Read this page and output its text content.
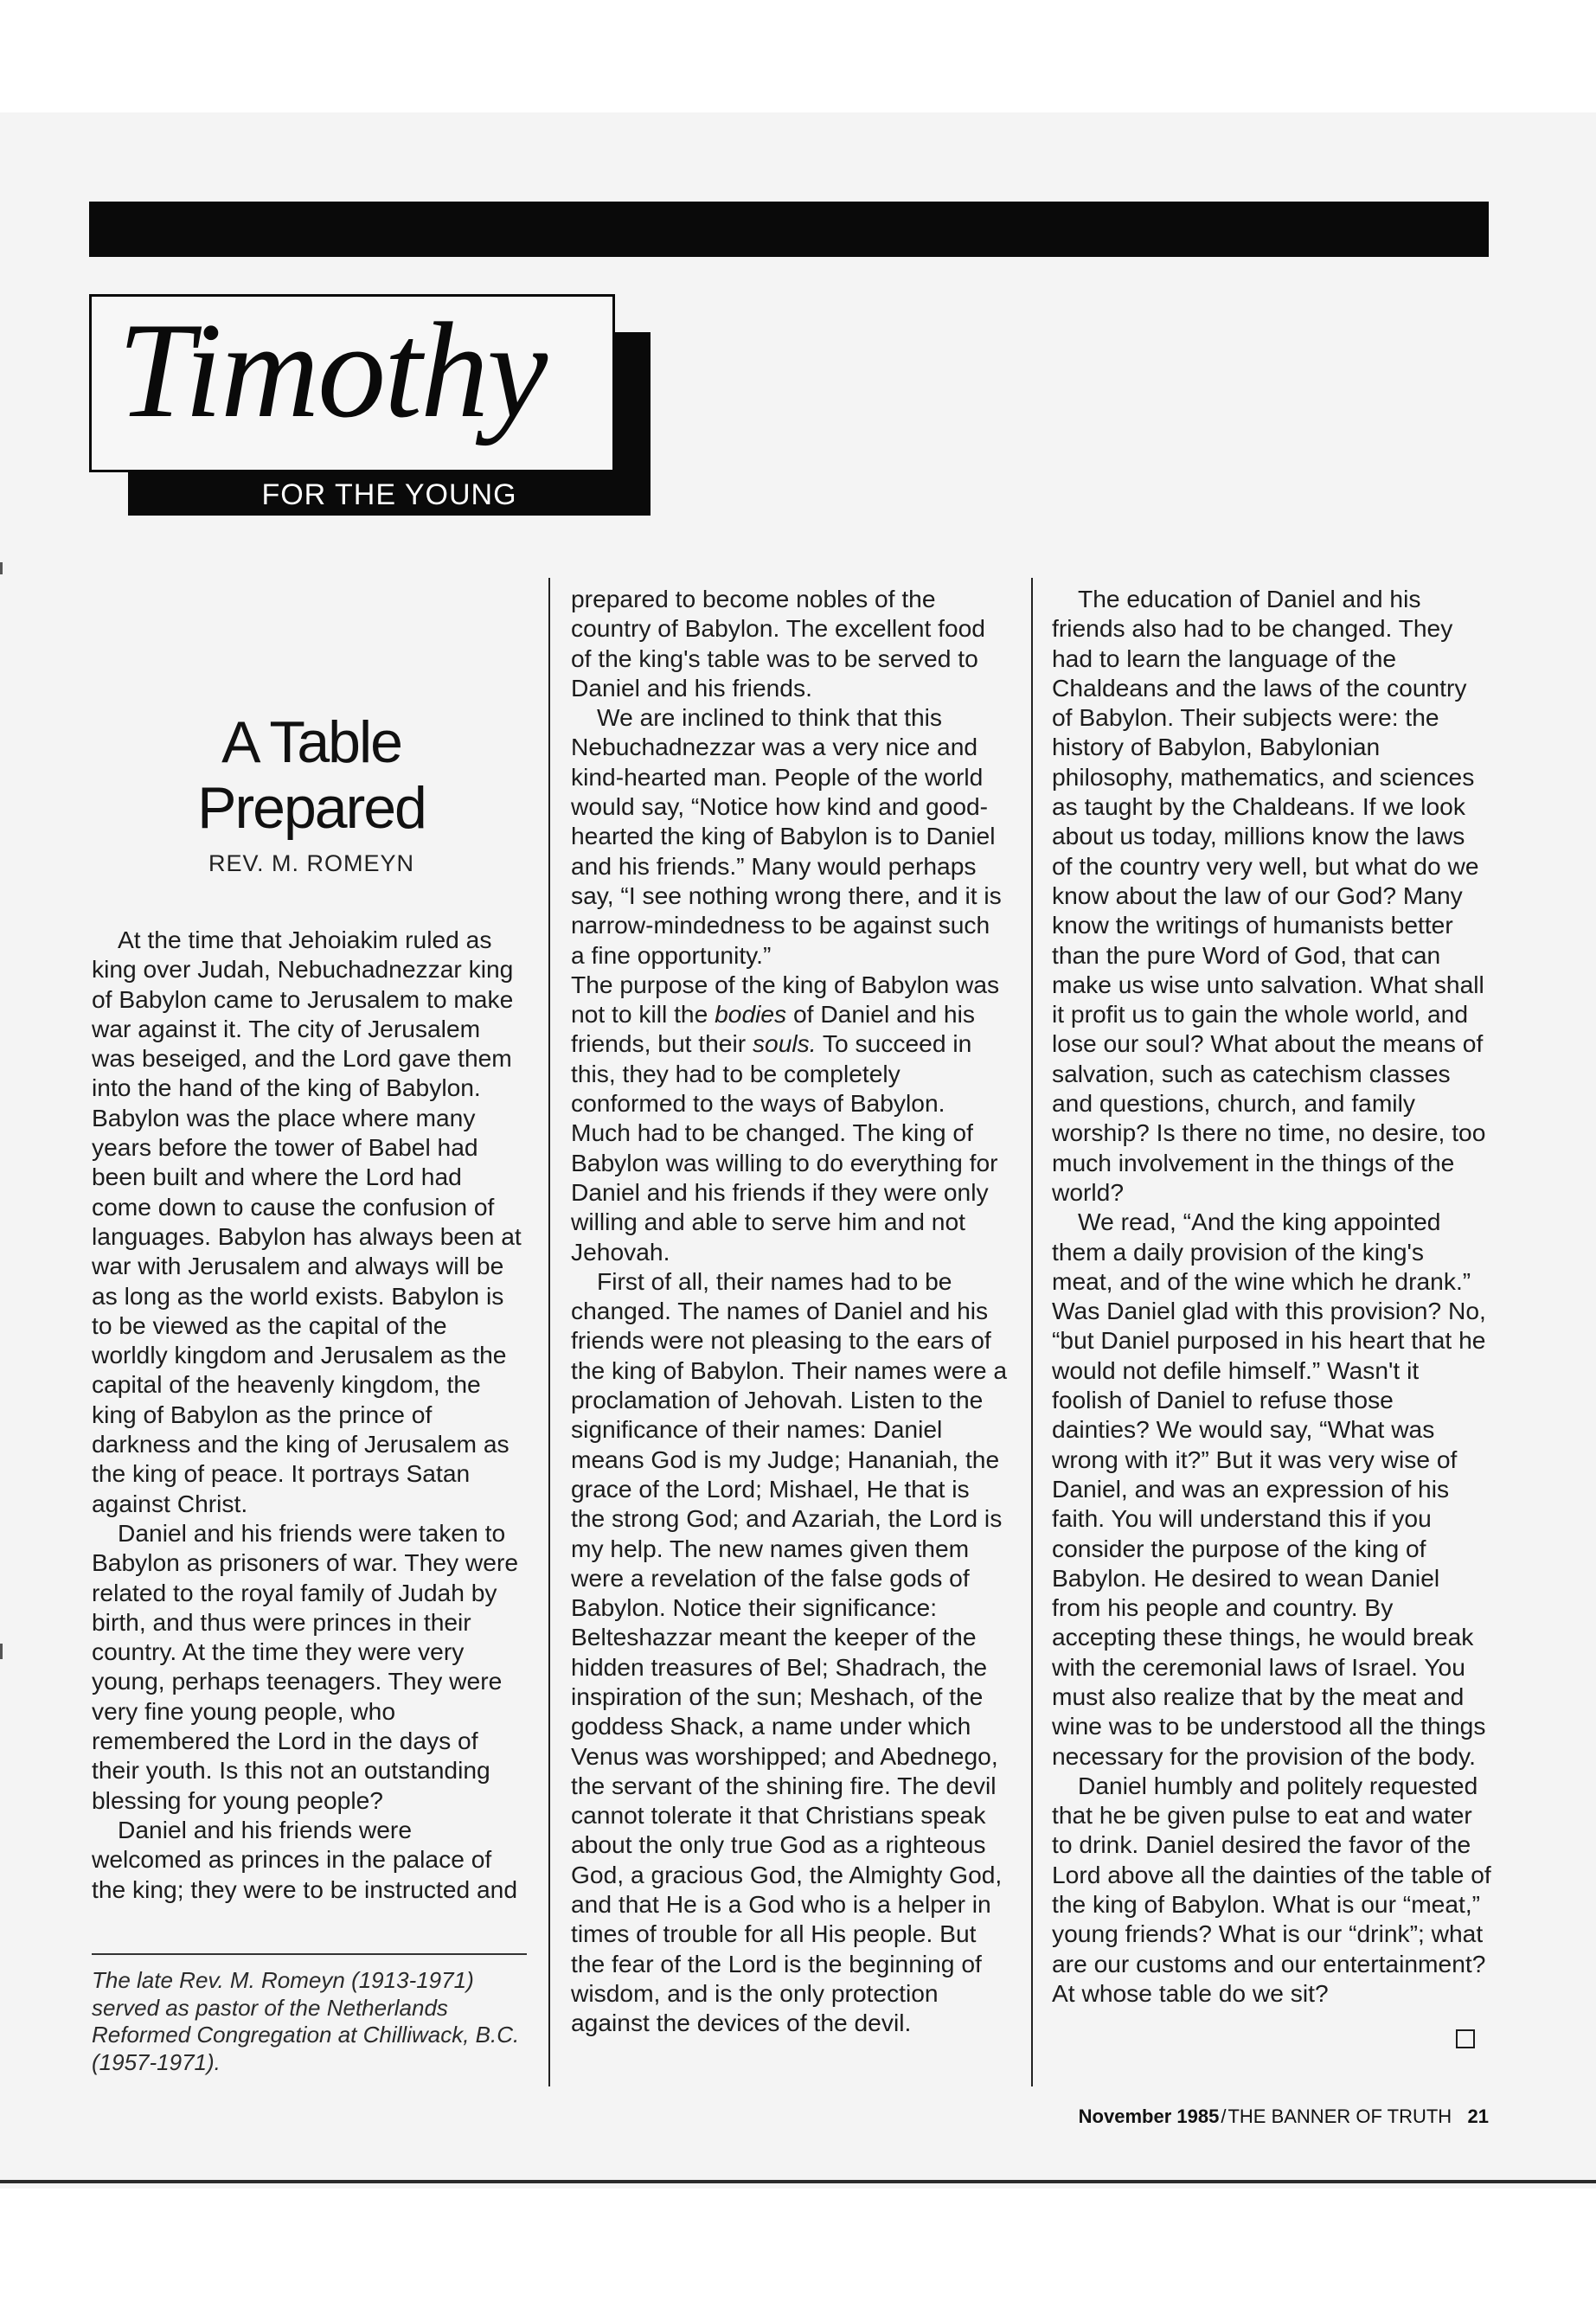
Timothy
FOR THE YOUNG
A Table
Prepared
REV. M. ROMEYN

At the time that Jehoiakim ruled as king over Judah, Nebuchadnezzar king of Babylon came to Jerusalem to make war against it. The city of Jerusalem was beseiged, and the Lord gave them into the hand of the king of Babylon. Babylon was the place where many years before the tower of Babel had been built and where the Lord had come down to cause the confusion of languages. Babylon has always been at war with Jerusalem and always will be as long as the world exists. Babylon is to be viewed as the capital of the worldly kingdom and Jerusalem as the capital of the heavenly kingdom, the king of Babylon as the prince of darkness and the king of Jerusalem as the king of peace. It portrays Satan against Christ.

Daniel and his friends were taken to Babylon as prisoners of war. They were related to the royal family of Judah by birth, and thus were princes in their country. At the time they were very young, perhaps teenagers. They were very fine young people, who remembered the Lord in the days of their youth. Is this not an outstanding blessing for young people?

Daniel and his friends were welcomed as princes in the palace of the king; they were to be instructed and

The late Rev. M. Romeyn (1913-1971) served as pastor of the Netherlands Reformed Congregation at Chilliwack, B.C. (1957-1971).

prepared to become nobles of the country of Babylon. The excellent food of the king's table was to be served to Daniel and his friends.

We are inclined to think that this Nebuchadnezzar was a very nice and kind-hearted man. People of the world would say, “Notice how kind and good-hearted the king of Babylon is to Daniel and his friends.” Many would perhaps say, “I see nothing wrong there, and it is narrow-mindedness to be against such a fine opportunity.”

The purpose of the king of Babylon was not to kill the bodies of Daniel and his friends, but their souls. To succeed in this, they had to be completely conformed to the ways of Babylon. Much had to be changed. The king of Babylon was willing to do everything for Daniel and his friends if they were only willing and able to serve him and not Jehovah.

First of all, their names had to be changed. The names of Daniel and his friends were not pleasing to the ears of the king of Babylon. Their names were a proclamation of Jehovah. Listen to the significance of their names: Daniel means God is my Judge; Hananiah, the grace of the Lord; Mishael, He that is the strong God; and Azariah, the Lord is my help. The new names given them were a revelation of the false gods of Babylon. Notice their significance: Belteshazzar meant the keeper of the hidden treasures of Bel; Shadrach, the inspiration of the sun; Meshach, of the goddess Shack, a name under which Venus was worshipped; and Abednego, the servant of the shining fire. The devil cannot tolerate it that Christians speak about the only true God as a righteous God, a gracious God, the Almighty God, and that He is a God who is a helper in times of trouble for all His people. But the fear of the Lord is the beginning of wisdom, and is the only protection against the devices of the devil.

The education of Daniel and his friends also had to be changed. They had to learn the language of the Chaldeans and the laws of the country of Babylon. Their subjects were: the history of Babylon, Babylonian philosophy, mathematics, and sciences as taught by the Chaldeans. If we look about us today, millions know the laws of the country very well, but what do we know about the law of our God? Many know the writings of humanists better than the pure Word of God, that can make us wise unto salvation. What shall it profit us to gain the whole world, and lose our soul? What about the means of salvation, such as catechism classes and questions, church, and family worship? Is there no time, no desire, too much involvement in the things of the world?

We read, “And the king appointed them a daily provision of the king's meat, and of the wine which he drank.” Was Daniel glad with this provision? No, “but Daniel purposed in his heart that he would not defile himself.” Wasn't it foolish of Daniel to refuse those dainties? We would say, “What was wrong with it?” But it was very wise of Daniel, and was an expression of his faith. You will understand this if you consider the purpose of the king of Babylon. He desired to wean Daniel from his people and country. By accepting these things, he would break with the ceremonial laws of Israel. You must also realize that by the meat and wine was to be understood all the things necessary for the provision of the body.

Daniel humbly and politely requested that he be given pulse to eat and water to drink. Daniel desired the favor of the Lord above all the dainties of the table of the king of Babylon. What is our “meat,” young friends? What is our “drink”; what are our customs and our entertainment? At whose table do we sit?

November 1985/THE BANNER OF TRUTH 21
